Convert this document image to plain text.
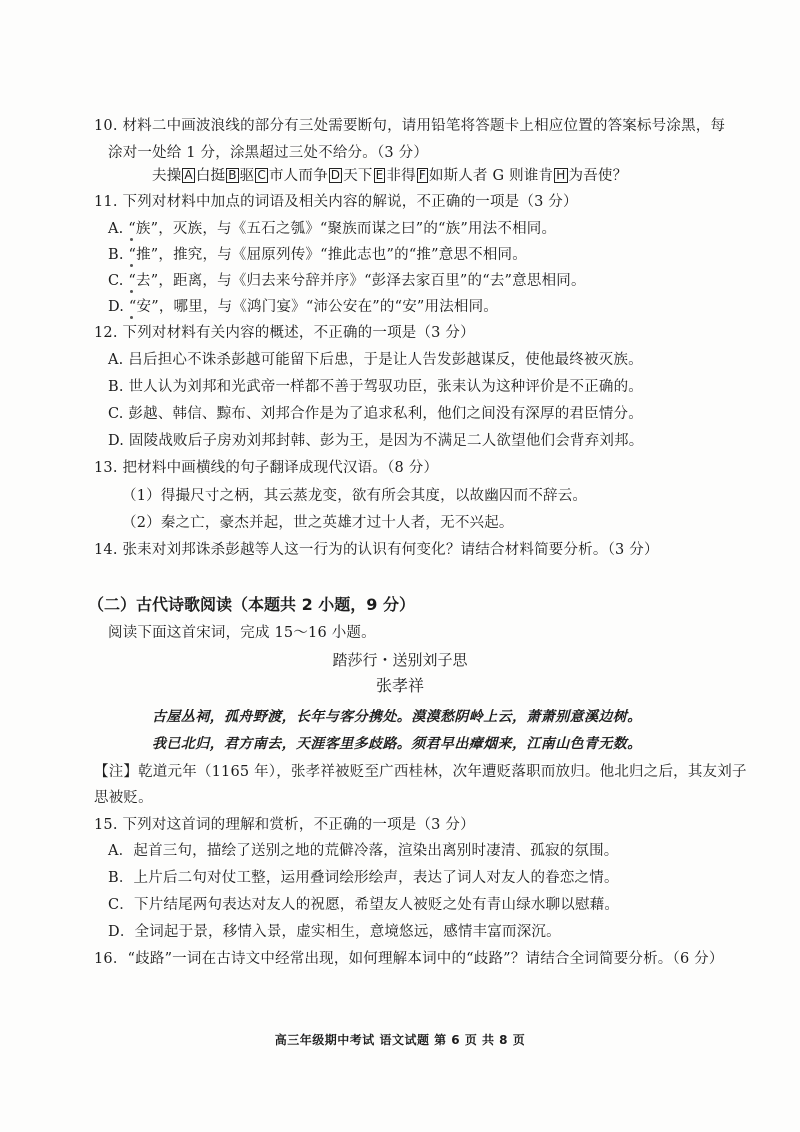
10. 材料二中画波浪线的部分有三处需要断句，请用铅笔将答题卡上相应位置的答案标号涂黑，每
涂对一处给 1 分，涂黑超过三处不给分。（3 分）
夫操 A 白挺 B 驱 C 市人而争 D 天下 E 非得 F 如斯人者 G 则谁肯 H 为吾使？
11. 下列对材料中加点的词语及相关内容的解说，不正确的一项是（3 分）
A. “族”，灭族，与《五石之瓠》“聚族而谋之曰”的“族”用法不相同。
B. “推”，推究，与《屈原列传》“推此志也”的“推”意思不相同。
C. “去”，距离，与《归去来兮辞并序》“彭泽去家百里”的“去”意思相同。
D. “安”，哪里，与《鸿门宴》“沛公安在”的“安”用法相同。
12. 下列对材料有关内容的概述，不正确的一项是（3 分）
A. 吕后担心不诛杀彭越可能留下后患，于是让人告发彭越谋反，使他最终被灭族。
B. 世人认为刘邦和光武帝一样都不善于驾驭功臣，张耒认为这种评价是不正确的。
C. 彭越、韩信、黥布、刘邦合作是为了追求私利，他们之间没有深厚的君臣情分。
D. 固陵战败后子房劝刘邦封韩、彭为王，是因为不满足二人欲望他们会背弃刘邦。
13. 把材料中画横线的句子翻译成现代汉语。（8 分）
（1）得撮尺寸之柄，其云蒸龙变，欲有所会其度，以故幽囚而不辞云。
（2）秦之亡，豪杰并起，世之英雄才过十人者，无不兴起。
14. 张耒对刘邦诛杀彭越等人这一行为的认识有何变化？请结合材料简要分析。（3 分）
（二）古代诗歌阅读（本题共 2 小题，9 分）
阅读下面这首宋词，完成 15～16 小题。
踏莎行・送别刘子思
张孝祥
古屋丛祠，孤舟野渡，长年与客分携处。漠漠愁阴岭上云，萧萧别意溪边树。
我已北归，君方南去，天涯客里多歧路。须君早出瘴烟来，江南山色青无数。
【注】乾道元年（1165 年），张孝祥被贬至广西桂林，次年遭贬落职而放归。他北归之后，其友刘子
思被贬。
15. 下列对这首词的理解和赏析，不正确的一项是（3 分）
A．起首三句，描绘了送别之地的荒僻冷落，渲染出离别时凄清、孤寂的氛围。
B．上片后二句对仗工整，运用叠词绘形绘声，表达了词人对友人的眷恋之情。
C．下片结尾两句表达对友人的祝愿，希望友人被贬之处有青山绿水聊以慰藉。
D．全词起于景，移情入景，虚实相生，意境悠远，感情丰富而深沉。
16．“歧路”一词在古诗文中经常出现，如何理解本词中的“歧路”？请结合全词简要分析。（6 分）
高三年级期中考试 语文试题 第 6 页 共 8 页
